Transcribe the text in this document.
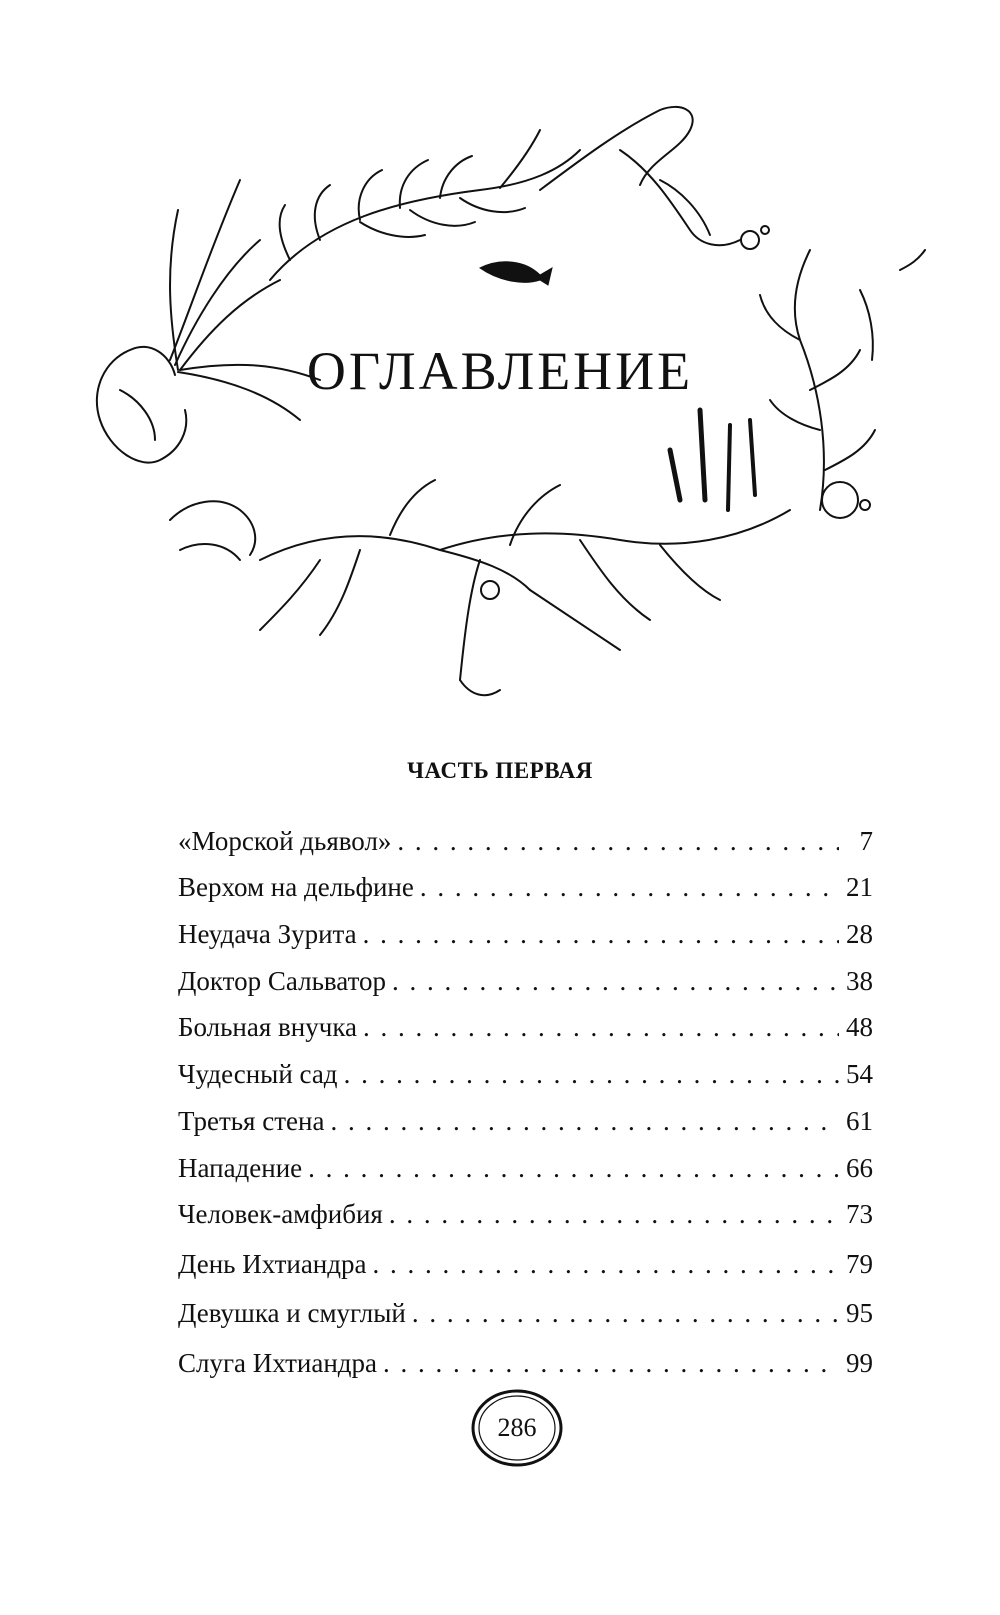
ОГЛАВЛЕНИЕ
ЧАСТЬ ПЕРВАЯ
«Морской дьявол» . . .	7
Верхом на дельфине . . .	21
Неудача Зурита . . .	28
Доктор Сальватор . . .	38
Больная внучка . . .	48
Чудесный сад . . .	54
Третья стена . . .	61
Нападение . . .	66
Человек-амфибия . . .	73
День Ихтиандра . . .	79
Девушка и смуглый . . .	95
Слуга Ихтиандра . . .	99
286
